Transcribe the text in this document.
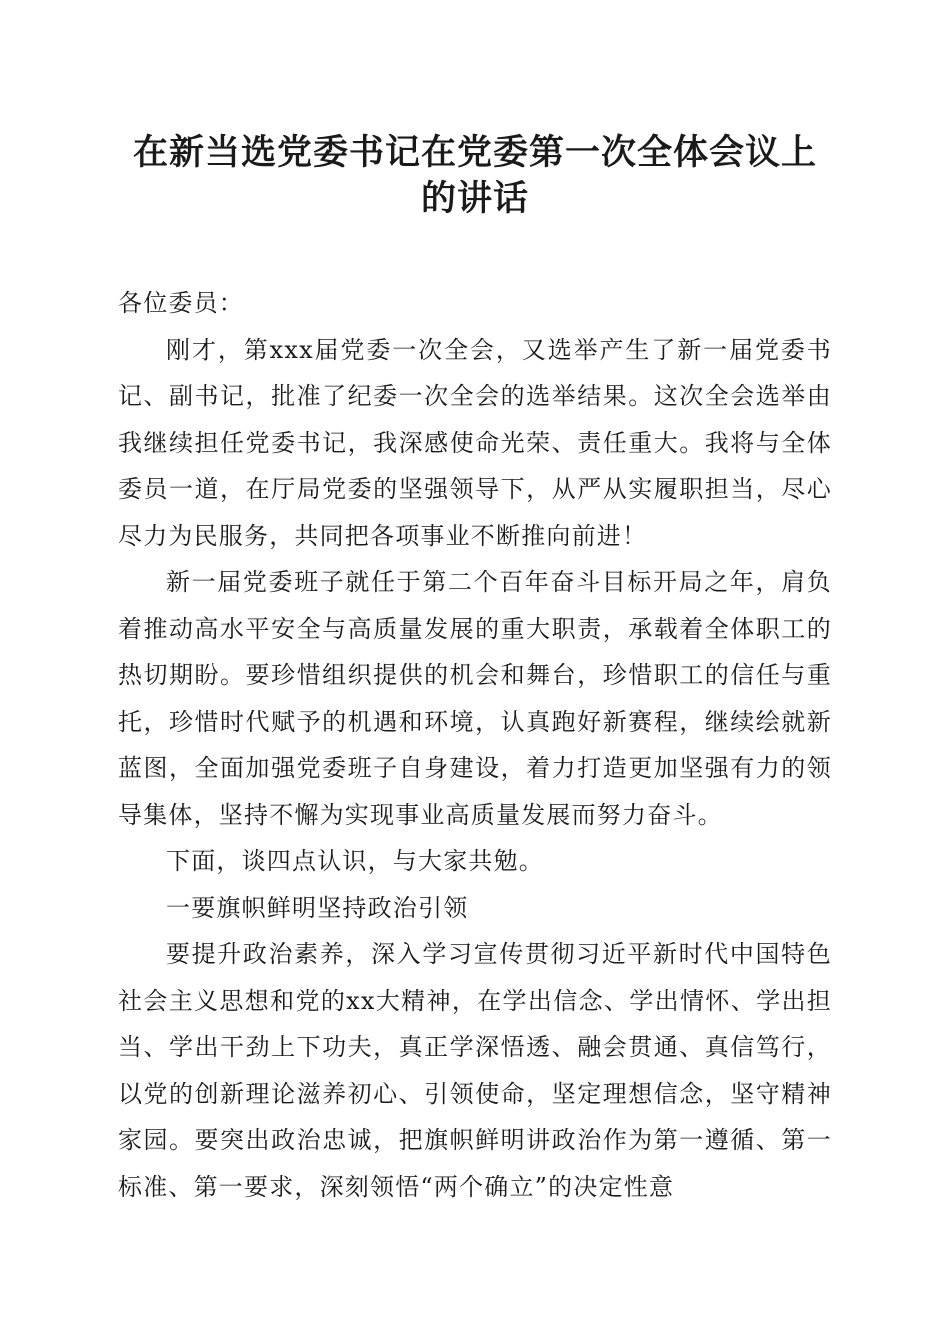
在新当选党委书记在党委第一次全体会议上的讲话

各位委员：

刚才，第xxx届党委一次全会，又选举产生了新一届党委书记、副书记，批准了纪委一次全会的选举结果。这次全会选举由我继续担任党委书记，我深感使命光荣、责任重大。我将与全体委员一道，在厅局党委的坚强领导下，从严从实履职担当，尽心尽力为民服务，共同把各项事业不断推向前进！

新一届党委班子就任于第二个百年奋斗目标开局之年，肩负着推动高水平安全与高质量发展的重大职责，承载着全体职工的热切期盼。要珍惜组织提供的机会和舞台，珍惜职工的信任与重托，珍惜时代赋予的机遇和环境，认真跑好新赛程，继续绘就新蓝图，全面加强党委班子自身建设，着力打造更加坚强有力的领导集体，坚持不懈为实现事业高质量发展而努力奋斗。

下面，谈四点认识，与大家共勉。

一要旗帜鲜明坚持政治引领

要提升政治素养，深入学习宣传贯彻习近平新时代中国特色社会主义思想和党的xx大精神，在学出信念、学出情怀、学出担当、学出干劲上下功夫，真正学深悟透、融会贯通、真信笃行，以党的创新理论滋养初心、引领使命，坚定理想信念，坚守精神家园。要突出政治忠诚，把旗帜鲜明讲政治作为第一遵循、第一标准、第一要求，深刻领悟“两个确立”的决定性意
